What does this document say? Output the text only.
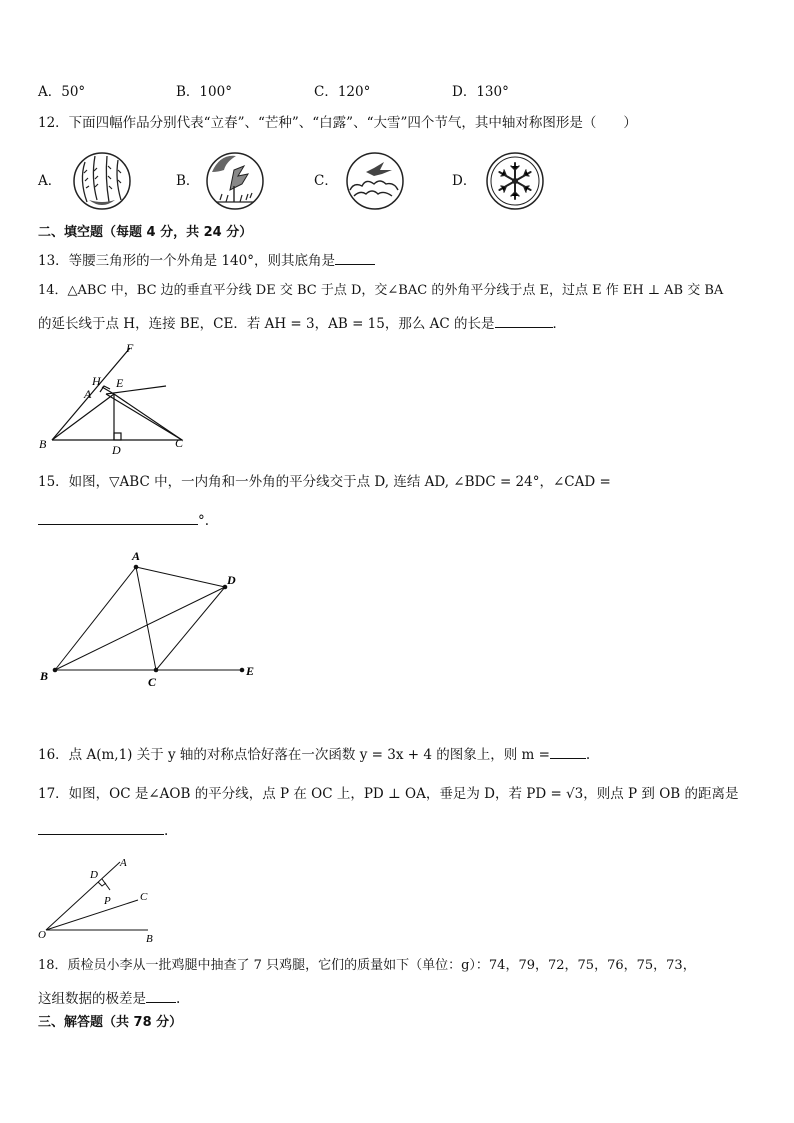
A．50°	B．100°	C．120°	D．130°
12．下面四幅作品分别代表“立春”、“芒种”、“白露”、“大雪”四个节气，其中轴对称图形是（　　）
A．	B．	C．	D．
二、填空题（每题 4 分，共 24 分）
13．等腰三角形的一个外角是 140°，则其底角是
14．△ABC 中，BC 边的垂直平分线 DE 交 BC 于点 D，交∠BAC 的外角平分线于点 E，过点 E 作 EH ⊥ AB 交 BA
的延长线于点 H，连接 BE，CE．若 AH = 3，AB = 15，那么 AC 的长是	．
F
H
A
E
B	D	C
15．如图，▽ABC 中，一内角和一外角的平分线交于点 D, 连结 AD, ∠BDC = 24°，∠CAD =
°.
A
D
B	C
E
16．点 A(m,1) 关于 y 轴的对称点恰好落在一次函数 y = 3x + 4 的图象上，则 m =	.
17．如图，OC 是∠AOB 的平分线，点 P 在 OC 上，PD ⊥ OA，垂足为 D，若 PD = √3，则点 P 到 OB 的距离是
.
D
A
C
P
O	B
18．质检员小李从一批鸡腿中抽查了 7 只鸡腿，它们的质量如下（单位：g）：74，79，72，75，76，75，73，
这组数据的极差是 .
三、解答题（共 78 分）
